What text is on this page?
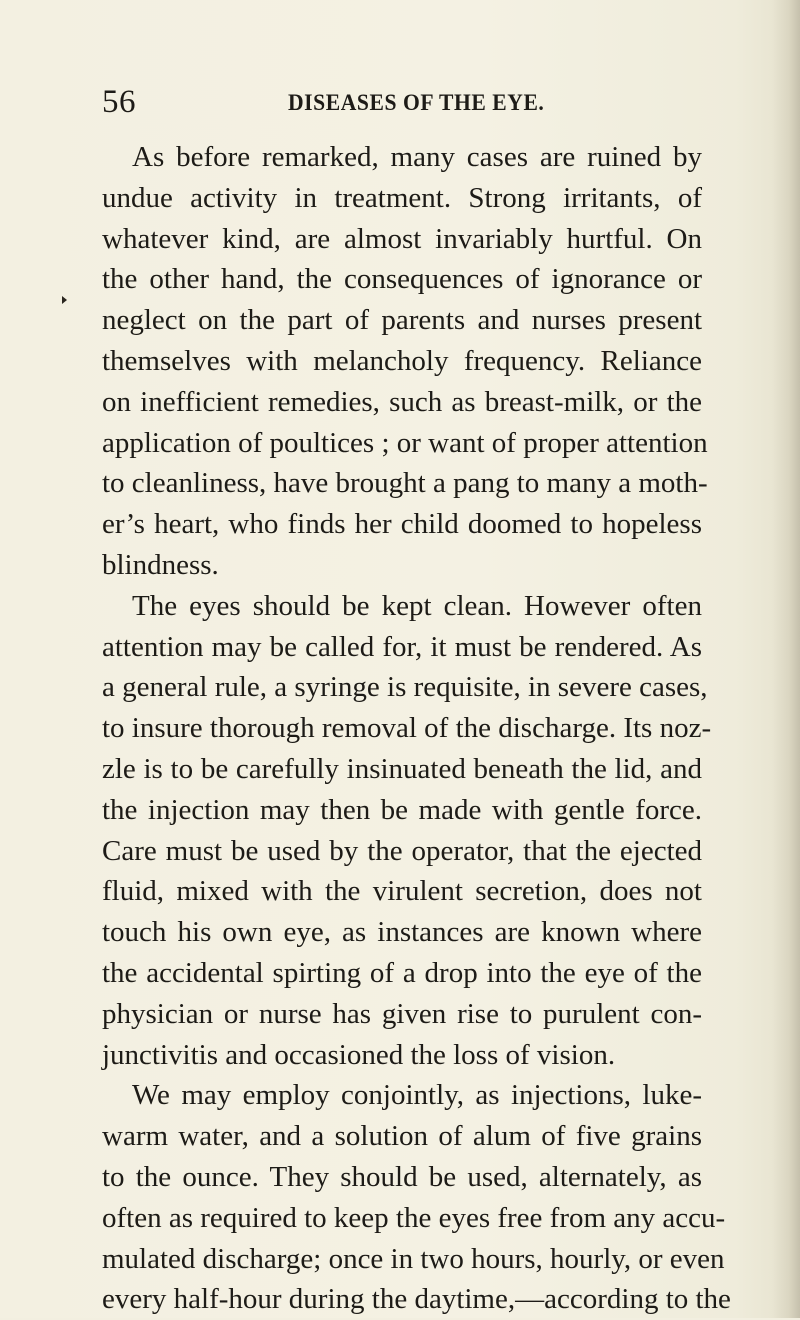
56	DISEASES OF THE EYE.
As before remarked, many cases are ruined by
undue activity in treatment. Strong irritants, of
whatever kind, are almost invariably hurtful. On
the other hand, the consequences of ignorance or
neglect on the part of parents and nurses present
themselves with melancholy frequency. Reliance
on inefficient remedies, such as breast-milk, or the
application of poultices ; or want of proper attention
to cleanliness, have brought a pang to many a moth-
er’s heart, who finds her child doomed to hopeless
blindness.
The eyes should be kept clean. However often
attention may be called for, it must be rendered. As
a general rule, a syringe is requisite, in severe cases,
to insure thorough removal of the discharge. Its noz-
zle is to be carefully insinuated beneath the lid, and
the injection may then be made with gentle force.
Care must be used by the operator, that the ejected
fluid, mixed with the virulent secretion, does not
touch his own eye, as instances are known where
the accidental spirting of a drop into the eye of the
physician or nurse has given rise to purulent con-
junctivitis and occasioned the loss of vision.
We may employ conjointly, as injections, luke-
warm water, and a solution of alum of five grains
to the ounce. They should be used, alternately, as
often as required to keep the eyes free from any accu-
mulated discharge; once in two hours, hourly, or even
every half-hour during the daytime,—according to the
